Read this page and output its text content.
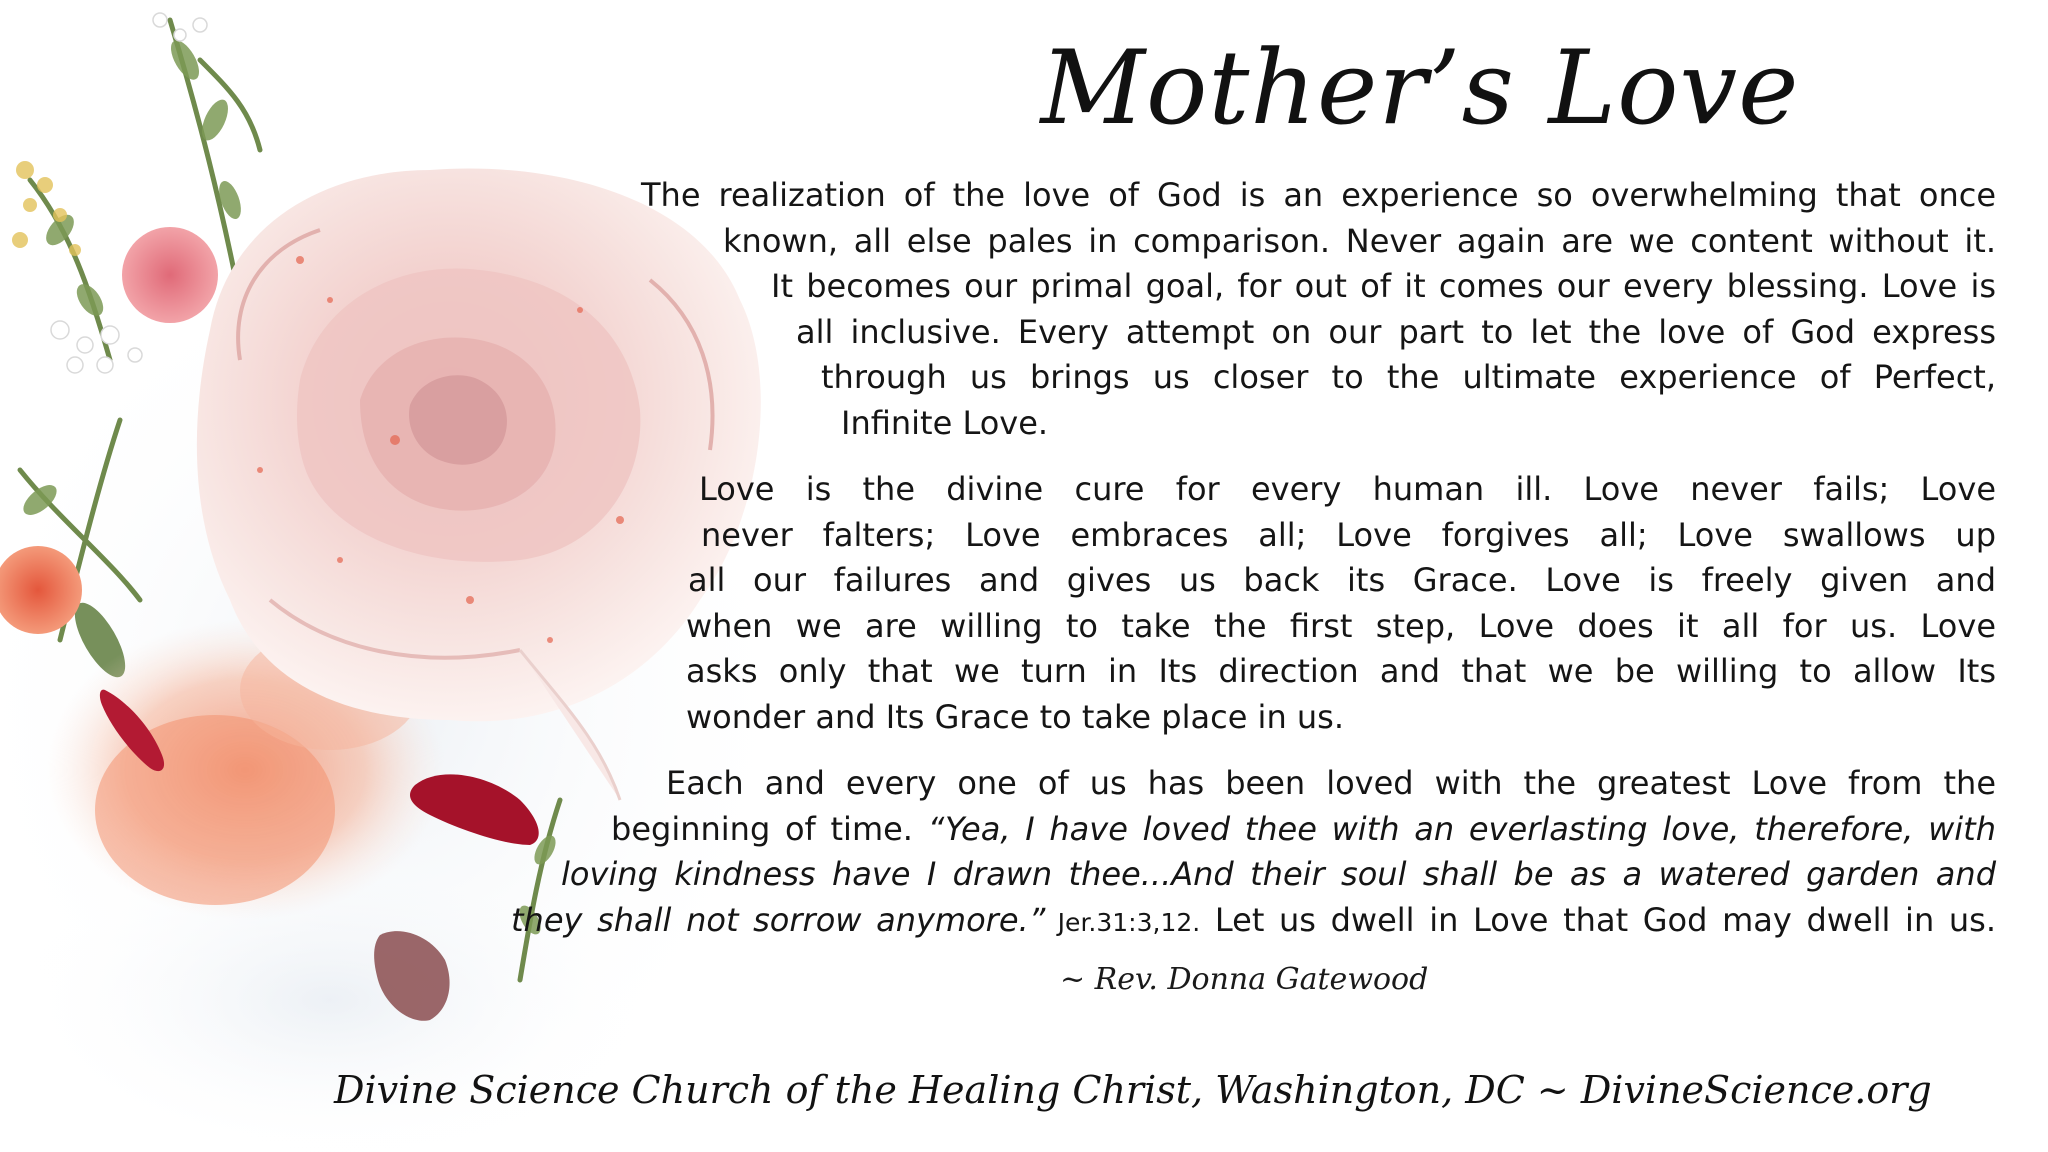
Mother’s Love
The realization of the love of God is an experience so overwhelming that once
known, all else pales in comparison. Never again are we content without it.
It becomes our primal goal, for out of it comes our every blessing. Love is
all inclusive. Every attempt on our part to let the love of God express
through us brings us closer to the ultimate experience of Perfect,
Infinite Love.
Love is the divine cure for every human ill. Love never fails; Love
never falters; Love embraces all; Love forgives all; Love swallows up
all our failures and gives us back its Grace. Love is freely given and
when we are willing to take the first step, Love does it all for us. Love
asks only that we turn in Its direction and that we be willing to allow Its
wonder and Its Grace to take place in us.
Each and every one of us has been loved with the greatest Love from the
beginning of time. “Yea, I have loved thee with an everlasting love, therefore, with
loving kindness have I drawn thee...And their soul shall be as a watered garden and
they shall not sorrow anymore.” Jer.31:3,12. Let us dwell in Love that God may dwell in us.
~ Rev. Donna Gatewood
Divine Science Church of the Healing Christ, Washington, DC ~ DivineScience.org
